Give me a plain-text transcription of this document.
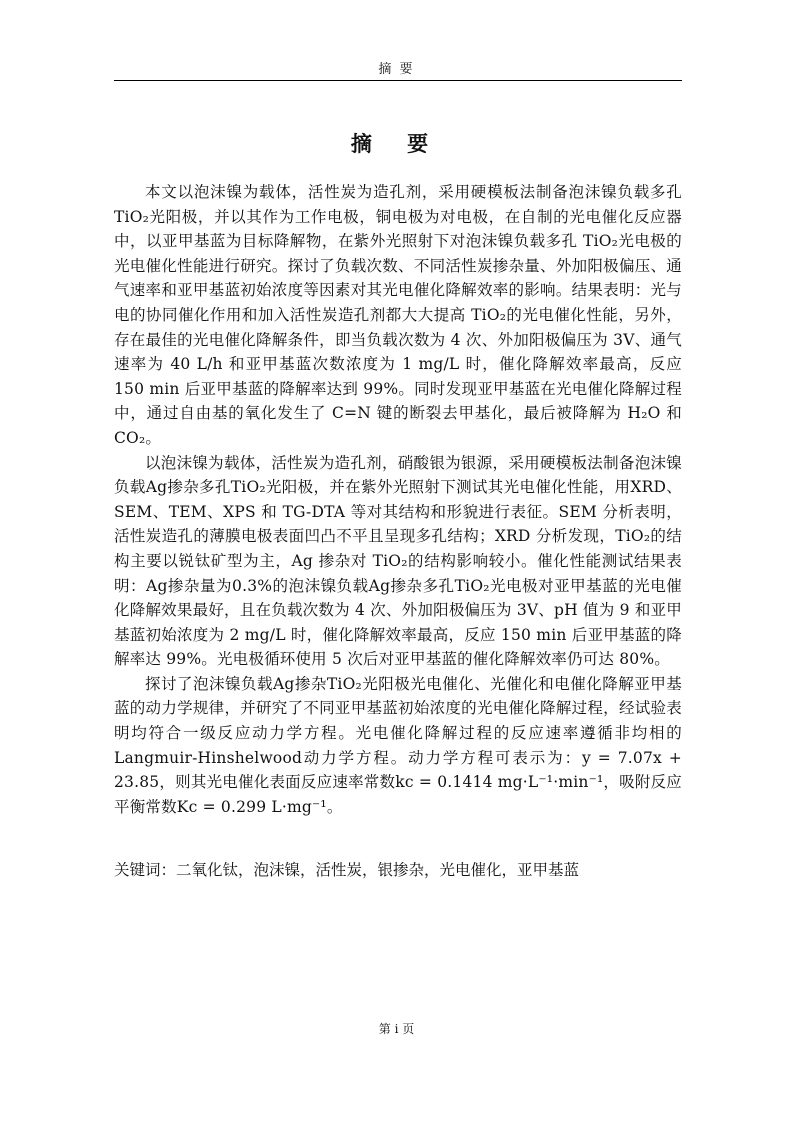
摘 要
摘 要

本文以泡沫镍为载体，活性炭为造孔剂，采用硬模板法制备泡沫镍负载多孔TiO₂光阳极，并以其作为工作电极，铜电极为对电极，在自制的光电催化反应器中，以亚甲基蓝为目标降解物，在紫外光照射下对泡沫镍负载多孔 TiO₂光电极的光电催化性能进行研究。探讨了负载次数、不同活性炭掺杂量、外加阳极偏压、通气速率和亚甲基蓝初始浓度等因素对其光电催化降解效率的影响。结果表明：光与电的协同催化作用和加入活性炭造孔剂都大大提高 TiO₂的光电催化性能，另外，存在最佳的光电催化降解条件，即当负载次数为 4 次、外加阳极偏压为 3V、通气速率为 40 L/h 和亚甲基蓝次数浓度为 1 mg/L 时，催化降解效率最高，反应 150 min 后亚甲基蓝的降解率达到 99%。同时发现亚甲基蓝在光电催化降解过程中，通过自由基的氧化发生了 C=N 键的断裂去甲基化，最后被降解为 H₂O 和 CO₂。

以泡沫镍为载体，活性炭为造孔剂，硝酸银为银源，采用硬模板法制备泡沫镍负载Ag掺杂多孔TiO₂光阳极，并在紫外光照射下测试其光电催化性能，用XRD、SEM、TEM、XPS 和 TG-DTA 等对其结构和形貌进行表征。SEM 分析表明，活性炭造孔的薄膜电极表面凹凸不平且呈现多孔结构；XRD 分析发现，TiO₂的结构主要以锐钛矿型为主，Ag 掺杂对 TiO₂的结构影响较小。催化性能测试结果表明：Ag掺杂量为0.3%的泡沫镍负载Ag掺杂多孔TiO₂光电极对亚甲基蓝的光电催化降解效果最好，且在负载次数为 4 次、外加阳极偏压为 3V、pH 值为 9 和亚甲基蓝初始浓度为 2 mg/L 时，催化降解效率最高，反应 150 min 后亚甲基蓝的降解率达 99%。光电极循环使用 5 次后对亚甲基蓝的催化降解效率仍可达 80%。

探讨了泡沫镍负载Ag掺杂TiO₂光阳极光电催化、光催化和电催化降解亚甲基蓝的动力学规律，并研究了不同亚甲基蓝初始浓度的光电催化降解过程，经试验表明均符合一级反应动力学方程。光电催化降解过程的反应速率遵循非均相的Langmuir-Hinshelwood动力学方程。动力学方程可表示为：y = 7.07x + 23.85，则其光电催化表面反应速率常数kc = 0.1414 mg·L⁻¹·min⁻¹，吸附反应平衡常数Kc = 0.299 L·mg⁻¹。

关键词：二氧化钛，泡沫镍，活性炭，银掺杂，光电催化，亚甲基蓝
第 i 页
